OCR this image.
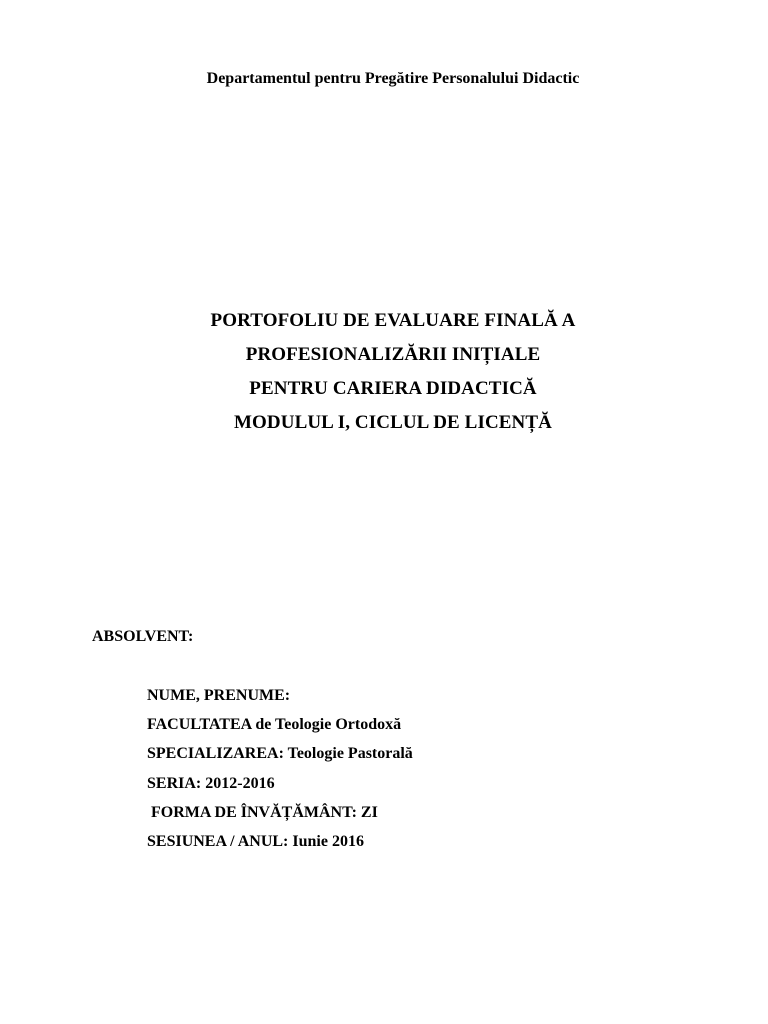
Departamentul pentru Pregătire Personalului Didactic
PORTOFOLIU DE EVALUARE FINALĂ A
PROFESIONALIZĂRII INIȚIALE
PENTRU CARIERA DIDACTICĂ
MODULUL I, CICLUL DE LICENȚĂ
ABSOLVENT:
NUME, PRENUME:
FACULTATEA de Teologie Ortodoxă
SPECIALIZAREA: Teologie Pastorală
SERIA: 2012-2016
FORMA DE ÎNVĂȚĂMÂNT: ZI
SESIUNEA / ANUL: Iunie 2016
